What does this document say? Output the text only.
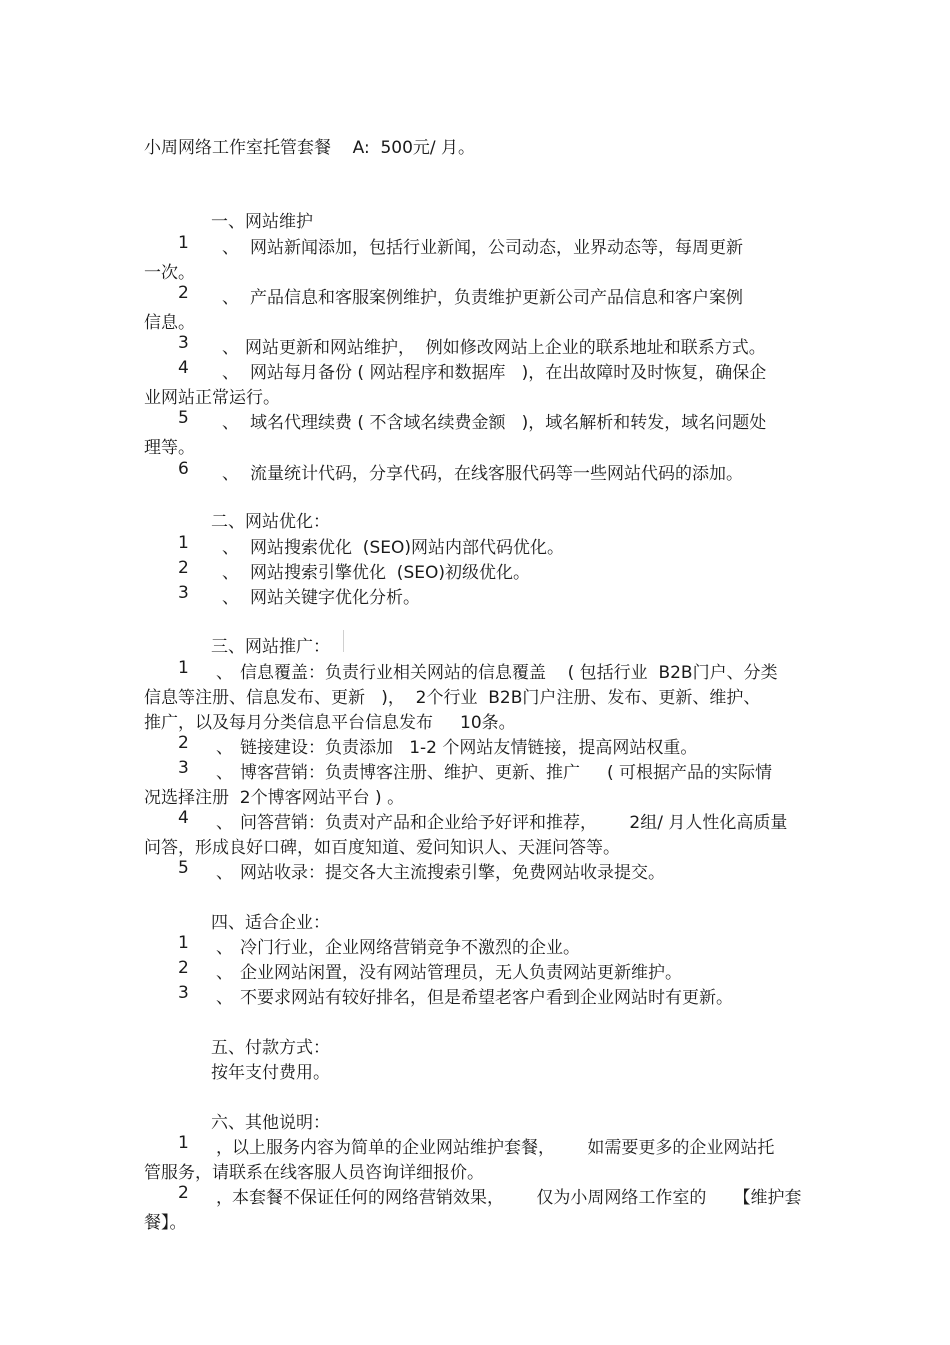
小周网络工作室托管套餐    A:  500元/ 月。
一、网站维护
1 、 网站新闻添加，包括行业新闻，公司动态，业界动态等，每周更新
一次。
2 、 产品信息和客服案例维护，负责维护更新公司产品信息和客户案例
信息。
3 、 网站更新和网站维护，  例如修改网站上企业的联系地址和联系方式。
4 、 网站每月备份 ( 网站程序和数据库   )，在出故障时及时恢复，确保企
业网站正常运行。
5 、 域名代理续费 ( 不含域名续费金额   )，域名解析和转发，域名问题处
理等。
6 、 流量统计代码，分享代码，在线客服代码等一些网站代码的添加。
二、网站优化：
1 、 网站搜索优化  (SEO)网站内部代码优化。
2 、 网站搜索引擎优化  (SEO)初级优化。
3 、 网站关键字优化分析。
三、网站推广：
1 、 信息覆盖：负责行业相关网站的信息覆盖    ( 包括行业  B2B门户、分类
信息等注册、信息发布、更新   )，  2个行业  B2B门户注册、发布、更新、维护、
推广，以及每月分类信息平台信息发布     10条。
2 、 链接建设：负责添加   1-2 个网站友情链接，提高网站权重。
3 、 博客营销：负责博客注册、维护、更新、推广     ( 可根据产品的实际情
况选择注册  2个博客网站平台 ) 。
4 、 问答营销：负责对产品和企业给予好评和推荐，      2组/ 月人性化高质量
问答，形成良好口碑，如百度知道、爱问知识人、天涯问答等。
5 、 网站收录：提交各大主流搜索引擎，免费网站收录提交。
四、适合企业：
1 、 冷门行业，企业网络营销竞争不激烈的企业。
2 、 企业网站闲置，没有网站管理员，无人负责网站更新维护。
3 、 不要求网站有较好排名，但是希望老客户看到企业网站时有更新。
五、付款方式：
按年支付费用。
六、其他说明：
1 ， 以上服务内容为简单的企业网站维护套餐，      如需要更多的企业网站托
管服务，请联系在线客服人员咨询详细报价。
2 ， 本套餐不保证任何的网络营销效果，      仅为小周网络工作室的     【维护套
餐】。
